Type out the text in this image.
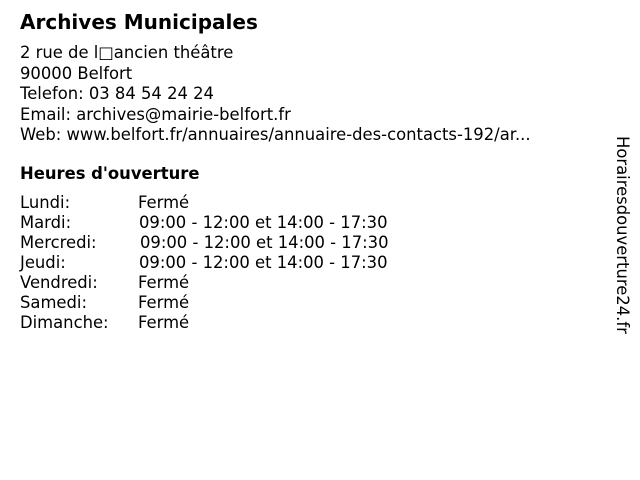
Archives Municipales
2 rue de l□ancien théâtre
90000 Belfort
Telefon: 03 84 54 24 24
Email: archives@mairie-belfort.fr
Web: www.belfort.fr/annuaires/annuaire-des-contacts-192/ar...
Heures d'ouverture
Lundi:	Fermé
Mardi:	09:00 - 12:00 et 14:00 - 17:30
Mercredi:	09:00 - 12:00 et 14:00 - 17:30
Jeudi:	09:00 - 12:00 et 14:00 - 17:30
Vendredi: Fermé
Samedi:	Fermé
Dimanche: Fermé	Horairesdouverture24.fr
